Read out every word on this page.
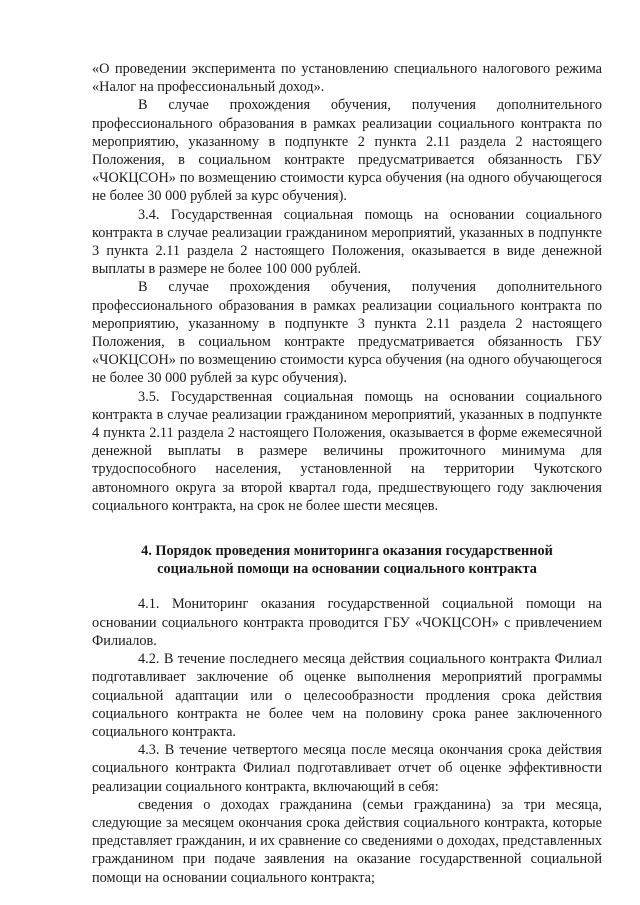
«О проведении эксперимента по установлению специального налогового режима «Налог на профессиональный доход».

В случае прохождения обучения, получения дополнительного профессионального образования в рамках реализации социального контракта по мероприятию, указанному в подпункте 2 пункта 2.11 раздела 2 настоящего Положения, в социальном контракте предусматривается обязанность ГБУ «ЧОКЦСОН» по возмещению стоимости курса обучения (на одного обучающегося не более 30 000 рублей за курс обучения).

3.4. Государственная социальная помощь на основании социального контракта в случае реализации гражданином мероприятий, указанных в подпункте 3 пункта 2.11 раздела 2 настоящего Положения, оказывается в виде денежной выплаты в размере не более 100 000 рублей.

В случае прохождения обучения, получения дополнительного профессионального образования в рамках реализации социального контракта по мероприятию, указанному в подпункте 3 пункта 2.11 раздела 2 настоящего Положения, в социальном контракте предусматривается обязанность ГБУ «ЧОКЦСОН» по возмещению стоимости курса обучения (на одного обучающегося не более 30 000 рублей за курс обучения).

3.5. Государственная социальная помощь на основании социального контракта в случае реализации гражданином мероприятий, указанных в подпункте 4 пункта 2.11 раздела 2 настоящего Положения, оказывается в форме ежемесячной денежной выплаты в размере величины прожиточного минимума для трудоспособного населения, установленной на территории Чукотского автономного округа за второй квартал года, предшествующего году заключения социального контракта, на срок не более шести месяцев.

4. Порядок проведения мониторинга оказания государственной
социальной помощи на основании социального контракта

4.1. Мониторинг оказания государственной социальной помощи на основании социального контракта проводится ГБУ «ЧОКЦСОН» с привлечением Филиалов.

4.2. В течение последнего месяца действия социального контракта Филиал подготавливает заключение об оценке выполнения мероприятий программы социальной адаптации или о целесообразности продления срока действия социального контракта не более чем на половину срока ранее заключенного социального контракта.

4.3. В течение четвертого месяца после месяца окончания срока действия социального контракта Филиал подготавливает отчет об оценке эффективности реализации социального контракта, включающий в себя:

сведения о доходах гражданина (семьи гражданина) за три месяца, следующие за месяцем окончания срока действия социального контракта, которые представляет гражданин, и их сравнение со сведениями о доходах, представленных гражданином при подаче заявления на оказание государственной социальной помощи на основании социального контракта;
